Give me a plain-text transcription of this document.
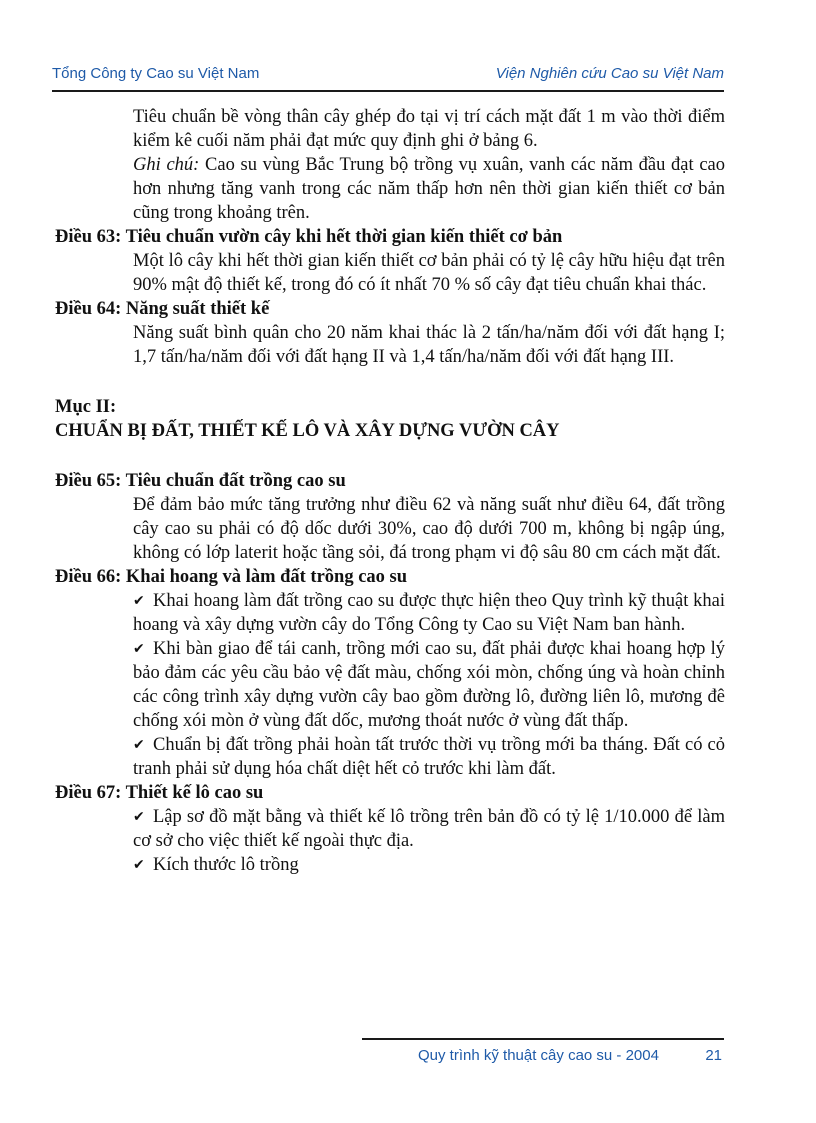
Tổng Công ty Cao su Việt Nam	Viện Nghiên cứu Cao su Việt Nam

Tiêu chuẩn bề vòng thân cây ghép đo tại vị trí cách mặt đất 1 m vào thời điểm kiểm kê cuối năm phải đạt mức quy định ghi ở bảng 6.

Ghi chú: Cao su vùng Bắc Trung bộ trồng vụ xuân, vanh các năm đầu đạt cao hơn nhưng tăng vanh trong các năm thấp hơn nên thời gian kiến thiết cơ bản cũng trong khoảng trên.

Điều 63: Tiêu chuẩn vườn cây khi hết thời gian kiến thiết cơ bản

Một lô cây khi hết thời gian kiến thiết cơ bản phải có tỷ lệ cây hữu hiệu đạt trên 90% mật độ thiết kế, trong đó có ít nhất 70 % số cây đạt tiêu chuẩn khai thác.

Điều 64: Năng suất thiết kế

Năng suất bình quân cho 20 năm khai thác là 2 tấn/ha/năm đối với đất hạng I; 1,7 tấn/ha/năm đối với đất hạng II và 1,4 tấn/ha/năm đối với đất hạng III.

Mục II:

CHUẨN BỊ ĐẤT, THIẾT KẾ LÔ VÀ XÂY DỰNG VƯỜN CÂY

Điều 65: Tiêu chuẩn đất trồng cao su

Để đảm bảo mức tăng trưởng như điều 62 và năng suất như điều 64, đất trồng cây cao su phải có độ dốc dưới 30%, cao độ dưới 700 m, không bị ngập úng, không có lớp laterit hoặc tầng sỏi, đá trong phạm vi độ sâu 80 cm cách mặt đất.

Điều 66: Khai hoang và làm đất trồng cao su

✔ Khai hoang làm đất trồng cao su được thực hiện theo Quy trình kỹ thuật khai hoang và xây dựng vườn cây do Tổng Công ty Cao su Việt Nam ban hành.

✔ Khi bàn giao để tái canh, trồng mới cao su, đất phải được khai hoang hợp lý bảo đảm các yêu cầu bảo vệ đất màu, chống xói mòn, chống úng và hoàn chỉnh các công trình xây dựng vườn cây bao gồm đường lô, đường liên lô, mương đê chống xói mòn ở vùng đất dốc, mương thoát nước ở vùng đất thấp.

✔ Chuẩn bị đất trồng phải hoàn tất trước thời vụ trồng mới ba tháng. Đất có cỏ tranh phải sử dụng hóa chất diệt hết cỏ trước khi làm đất.

Điều 67: Thiết kế lô cao su

✔ Lập sơ đồ mặt bằng và thiết kế lô trồng trên bản đồ có tỷ lệ 1/10.000 để làm cơ sở cho việc thiết kế ngoài thực địa.

✔ Kích thước lô trồng

Quy trình kỹ thuật cây cao su - 2004	21
